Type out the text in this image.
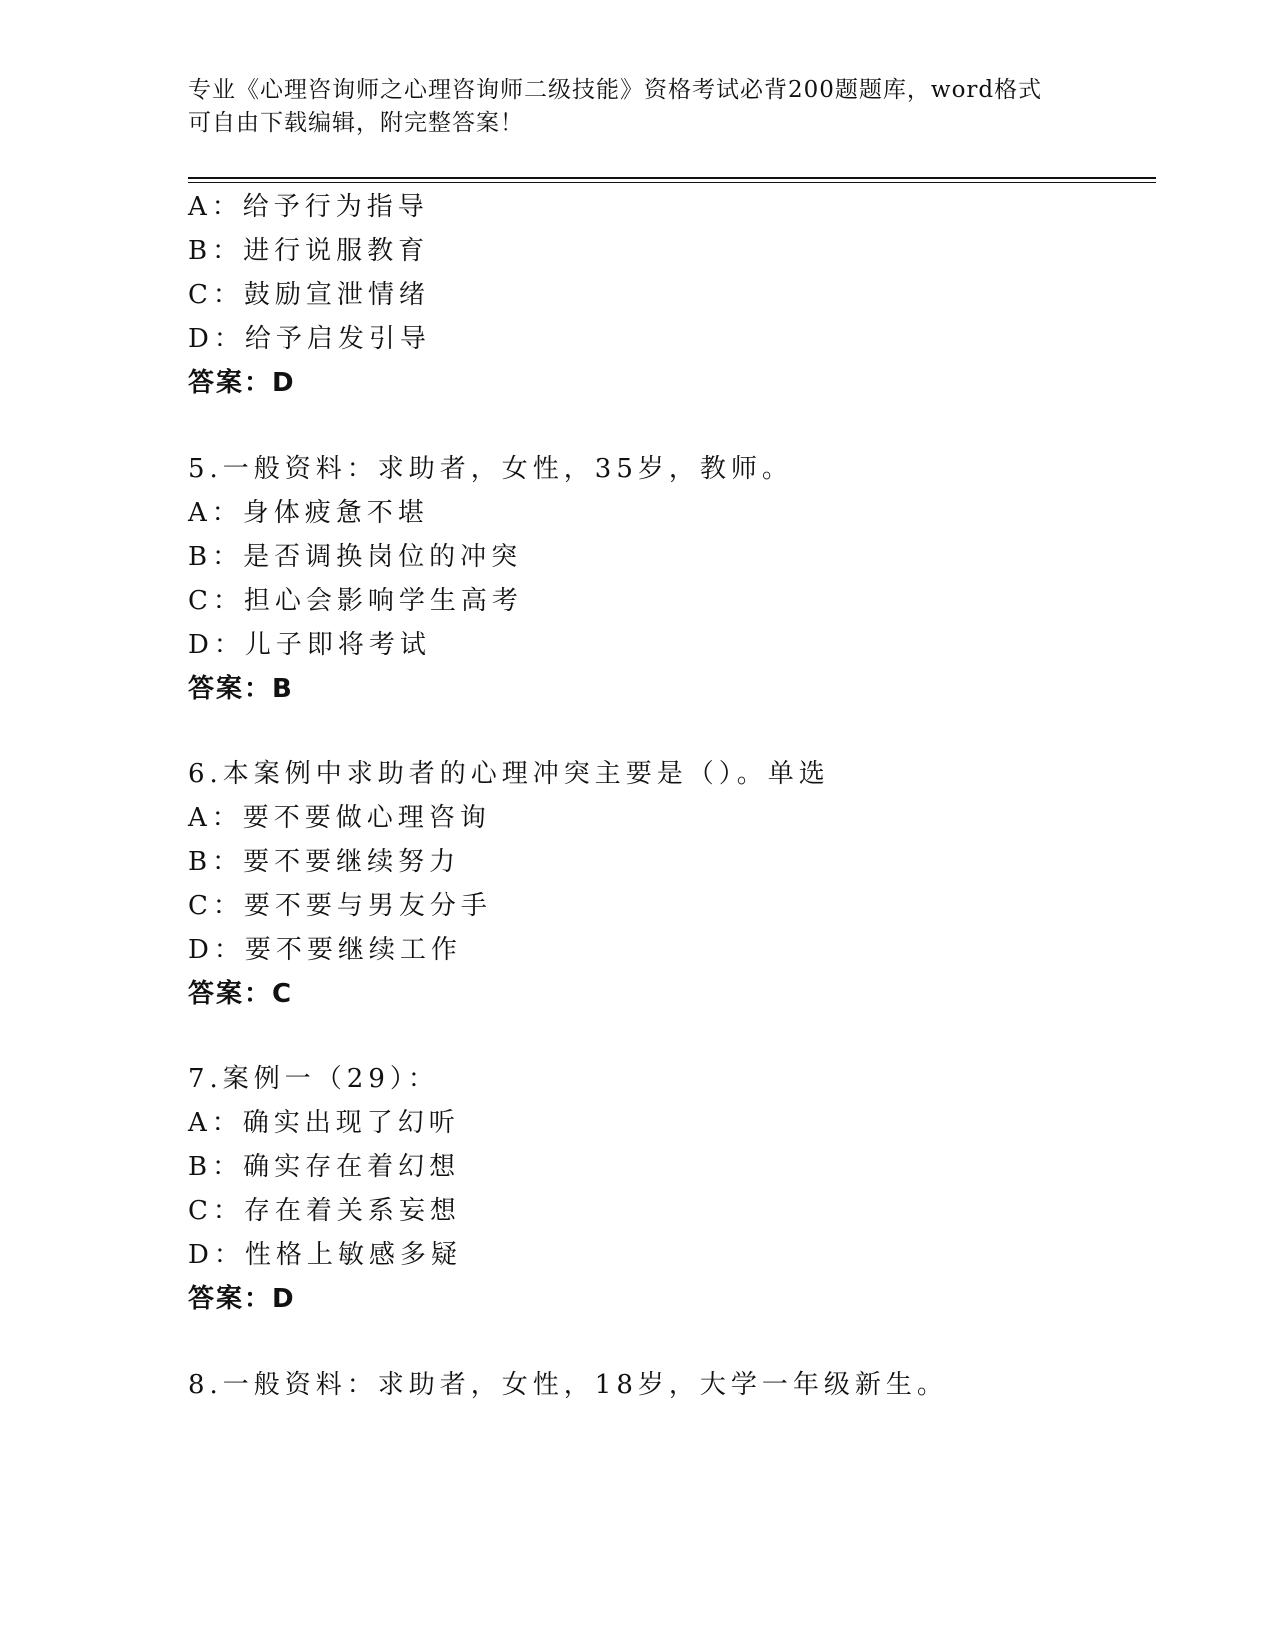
专业《心理咨询师之心理咨询师二级技能》资格考试必背200题题库，word格式
可自由下载编辑，附完整答案！
A：给予行为指导
B：进行说服教育
C：鼓励宣泄情绪
D：给予启发引导
答案：D
5.一般资料：求助者，女性，35岁，教师。
A：身体疲惫不堪
B：是否调换岗位的冲突
C：担心会影响学生高考
D：儿子即将考试
答案：B
6.本案例中求助者的心理冲突主要是（）。单选
A：要不要做心理咨询
B：要不要继续努力
C：要不要与男友分手
D：要不要继续工作
答案：C
7.案例一（29）：
A：确实出现了幻听
B：确实存在着幻想
C：存在着关系妄想
D：性格上敏感多疑
答案：D
8.一般资料：求助者，女性，18岁，大学一年级新生。
